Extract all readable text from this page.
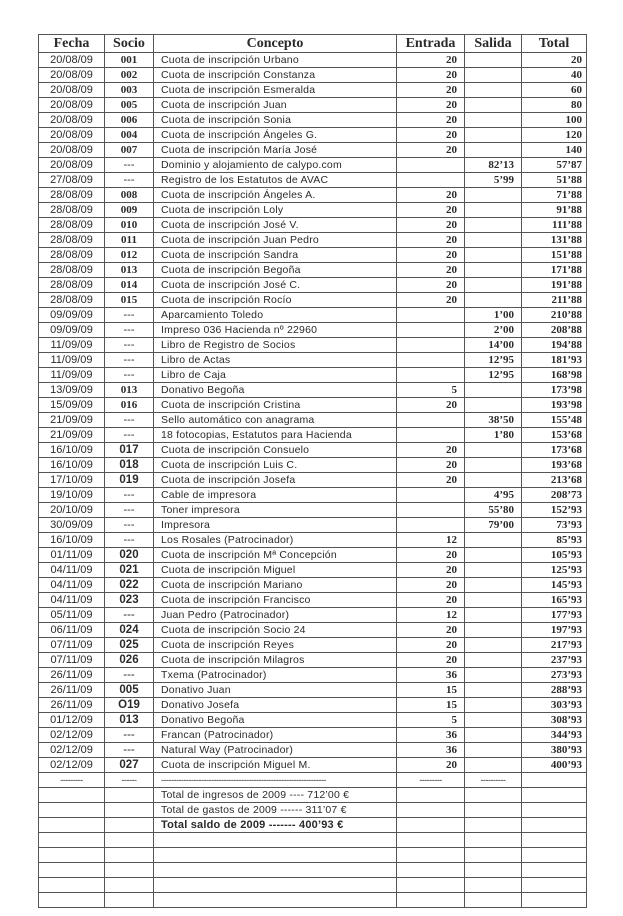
Fecha	Socio	Concepto	Entrada	Salida	Total
20/08/09	001	Cuota de inscripción Urbano	20		20
20/08/09	002	Cuota de inscripción Constanza	20		40
20/08/09	003	Cuota de inscripción Esmeralda	20		60
20/08/09	005	Cuota de inscripción Juan	20		80
20/08/09	006	Cuota de inscripción Sonia	20		100
20/08/09	004	Cuota de inscripción Ángeles G.	20		120
20/08/09	007	Cuota de inscripción María José	20		140
20/08/09	---	Dominio y alojamiento de calypo.com		82’13	57’87
27/08/09	---	Registro de los Estatutos de AVAC		5’99	51’88
28/08/09	008	Cuota de inscripción Ángeles A.	20		71’88
28/08/09	009	Cuota de inscripción Loly	20		91’88
28/08/09	010	Cuota de inscripción José V.	20		111’88
28/08/09	011	Cuota de inscripción Juan Pedro	20		131’88
28/08/09	012	Cuota de inscripción Sandra	20		151’88
28/08/09	013	Cuota de inscripción Begoña	20		171’88
28/08/09	014	Cuota de inscripción José C.	20		191’88
28/08/09	015	Cuota de inscripción Rocío	20		211’88
09/09/09	---	Aparcamiento Toledo		1’00	210’88
09/09/09	---	Impreso 036 Hacienda nº 22960		2’00	208’88
11/09/09	---	Libro de Registro de Socios		14’00	194’88
11/09/09	---	Libro de Actas		12’95	181’93
11/09/09	---	Libro de Caja		12’95	168’98
13/09/09	013	Donativo Begoña	5		173’98
15/09/09	016	Cuota de inscripción Cristina	20		193’98
21/09/09	---	Sello automático con anagrama		38’50	155’48
21/09/09	---	18 fotocopias, Estatutos para Hacienda		1’80	153’68
16/10/09	017	Cuota de inscripción Consuelo	20		173’68
16/10/09	018	Cuota de inscripción Luis C.	20		193’68
17/10/09	019	Cuota de inscripción Josefa	20		213’68
19/10/09	---	Cable de impresora		4’95	208’73
20/10/09	---	Toner impresora		55’80	152’93
30/09/09	---	Impresora		79’00	73’93
16/10/09	---	Los Rosales (Patrocinador)	12		85’93
01/11/09	020	Cuota de inscripción Mª Concepción	20		105’93
04/11/09	021	Cuota de inscripción Miguel	20		125’93
04/11/09	022	Cuota de inscripción Mariano	20		145’93
04/11/09	023	Cuota de inscripción Francisco	20		165’93
05/11/09	---	Juan Pedro (Patrocinador)	12		177’93
06/11/09	024	Cuota de inscripción Socio 24	20		197’93
07/11/09	025	Cuota de inscripción Reyes	20		217’93
07/11/09	026	Cuota de inscripción Milagros	20		237’93
26/11/09	---	Txema (Patrocinador)	36		273’93
26/11/09	005	Donativo Juan	15		288’93
26/11/09	O19	Donativo Josefa	15		303’93
01/12/09	013	Donativo Begoña	5		308’93
02/12/09	---	Francan (Patrocinador)	36		344’93
02/12/09	---	Natural Way (Patrocinador)	36		380’93
02/12/09	027	Cuota de inscripción Miguel M.	20		400’93
---------	------	------------------------------------------------------------------	---------	----------	
		Total de ingresos de 2009 ---- 712’00 €			
		Total de gastos de 2009 ------ 311’07 €			
		Total saldo de 2009 ------- 400’93 €			
